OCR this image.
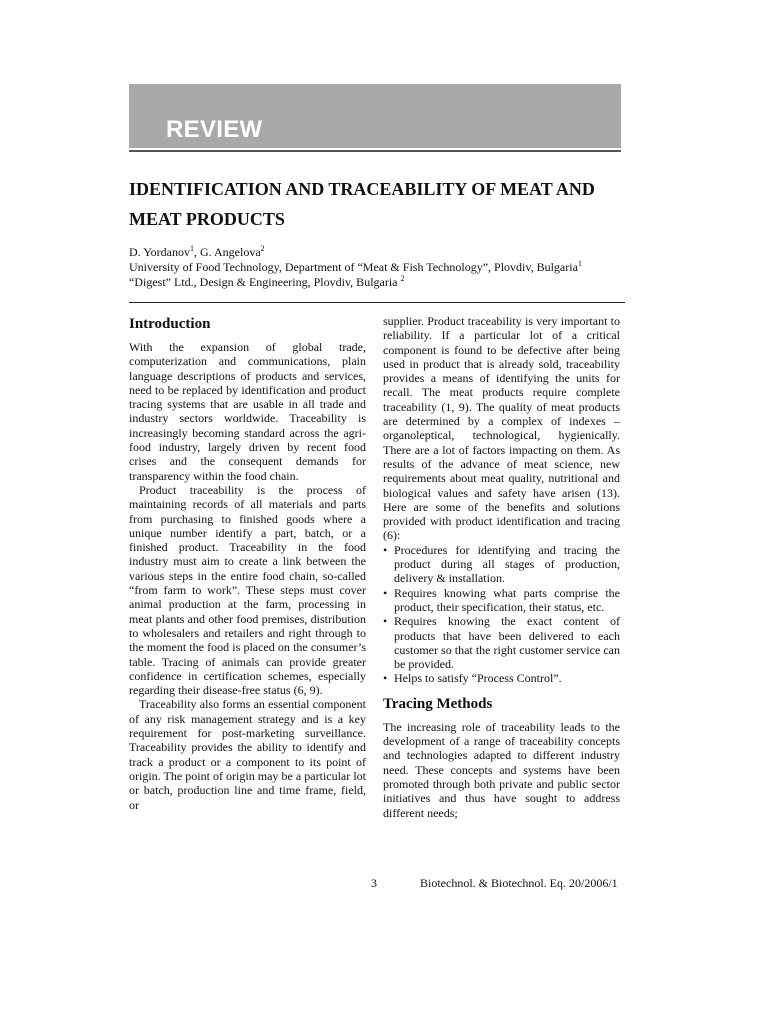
REVIEW
IDENTIFICATION AND TRACEABILITY OF MEAT AND MEAT PRODUCTS
D. Yordanov$^1$, G. Angelova$^2$
University of Food Technology, Department of “Meat & Fish Technology”, Plovdiv, Bulgaria$^1$
“Digest” Ltd., Design & Engineering, Plovdiv, Bulgaria $^2$
Introduction

With the expansion of global trade, computerization and communications, plain language descriptions of products and services, need to be replaced by identification and product tracing systems that are usable in all trade and industry sectors worldwide. Traceability is increasingly becoming standard across the agri-food industry, largely driven by recent food crises and the consequent demands for transparency within the food chain.

Product traceability is the process of maintaining records of all materials and parts from purchasing to finished goods where a unique number identify a part, batch, or a finished product. Traceability in the food industry must aim to create a link between the various steps in the entire food chain, so-called “from farm to work”. These steps must cover animal production at the farm, processing in meat plants and other food premises, distribution to wholesalers and retailers and right through to the moment the food is placed on the consumer’s table. Tracing of animals can provide greater confidence in certification schemes, especially regarding their disease-free status (6, 9).

Traceability also forms an essential component of any risk management strategy and is a key requirement for post-marketing surveillance. Traceability provides the ability to identify and track a product or a component to its point of origin. The point of origin may be a particular lot or batch, production line and time frame, field, or

supplier. Product traceability is very important to reliability. If a particular lot of a critical component is found to be defective after being used in product that is already sold, traceability provides a means of identifying the units for recall. The meat products require complete traceability (1, 9). The quality of meat products are determined by a complex of indexes – organoleptical, technological, hygienically. There are a lot of factors impacting on them. As results of the advance of meat science, new requirements about meat quality, nutritional and biological values and safety have arisen (13). Here are some of the benefits and solutions provided with product identification and tracing (6):

• Procedures for identifying and tracing the product during all stages of production, delivery & installation.
• Requires knowing what parts comprise the product, their specification, their status, etc.
• Requires knowing the exact content of products that have been delivered to each customer so that the right customer service can be provided.
• Helps to satisfy “Process Control”.
Tracing Methods

The increasing role of traceability leads to the development of a range of traceability concepts and technologies adapted to different industry need. These concepts and systems have been promoted through both private and public sector initiatives and thus have sought to address different needs;

3	Biotechnol. & Biotechnol. Eq. 20/2006/1
